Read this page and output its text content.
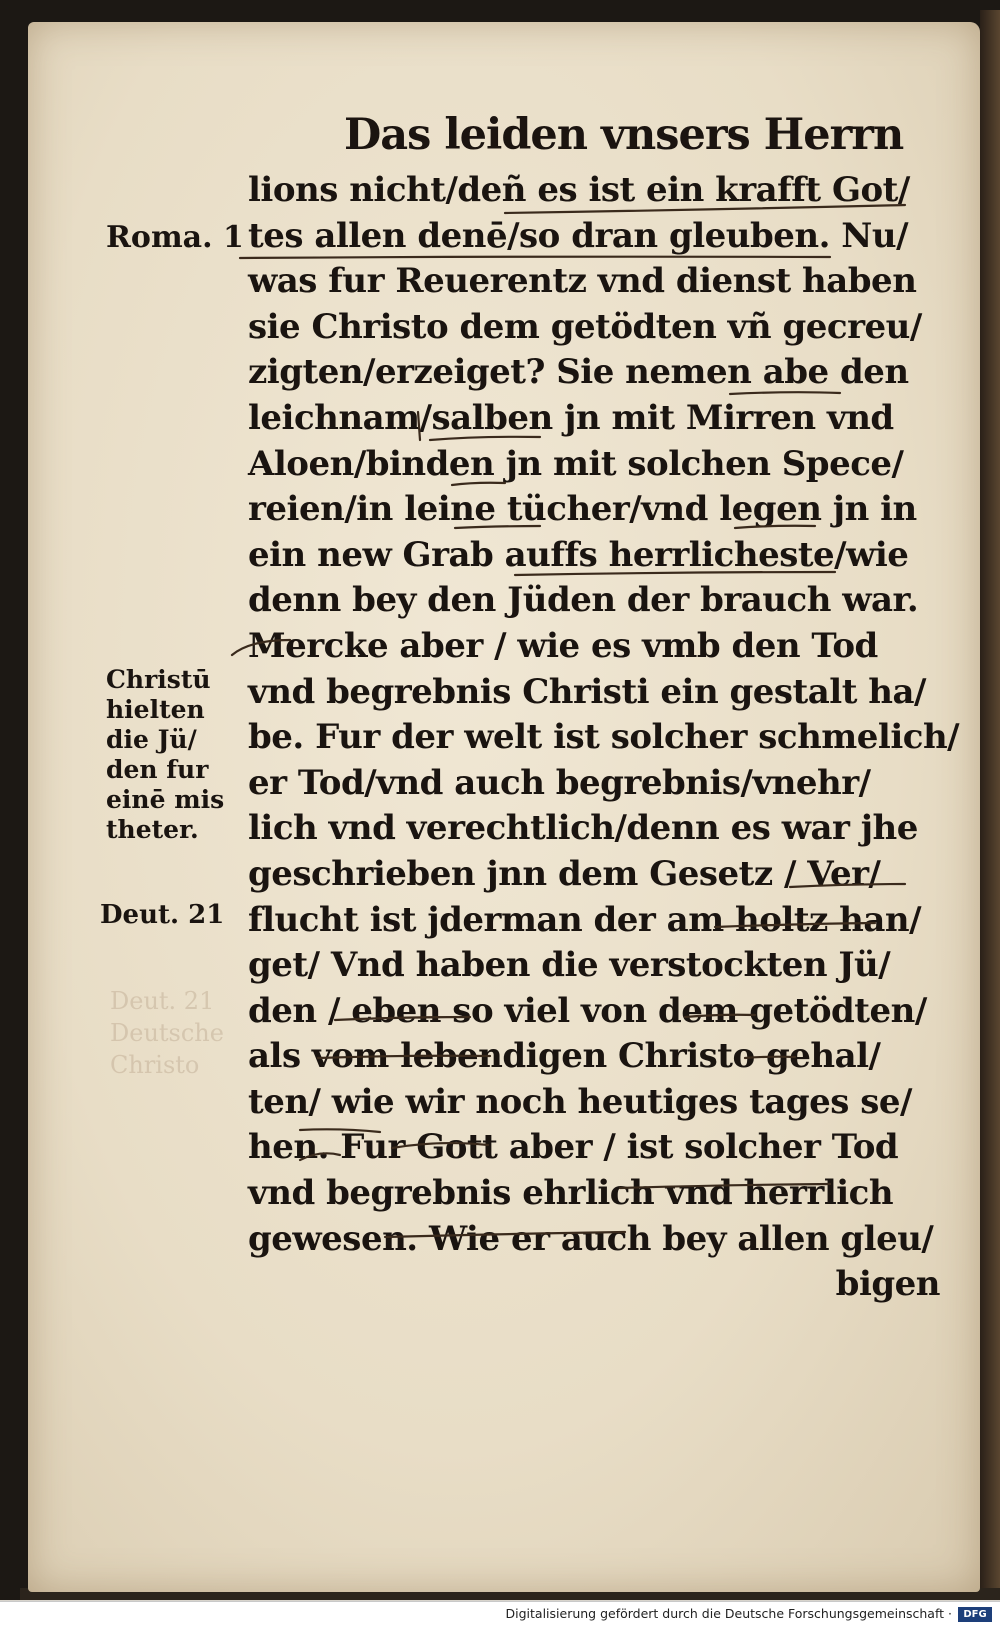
Das leiden vnsers Herrn
Roma. 1
Christū
hielten
die Jü/
den fur
einē mis
theter.
Deut. 21
lions nicht/deñ es ist ein krafft Got/
tes allen denē/so dran gleuben. Nu/
was fur Reuerentz vnd dienst haben
sie Christo dem getödten vñ gecreu/
zigten/erzeiget? Sie nemen abe den
leichnam/salben jn mit Mirren vnd
Aloen/binden jn mit solchen Spece/
reien/in leine tücher/vnd legen jn in
ein new Grab auffs herrlicheste/wie
denn bey den Jüden der brauch war.
Mercke aber / wie es vmb den Tod
vnd begrebnis Christi ein gestalt ha/
be. Fur der welt ist solcher schmelich/
er Tod/vnd auch begrebnis/vnehr/
lich vnd verechtlich/denn es war jhe
geschrieben jnn dem Gesetz / Ver/
flucht ist jderman der am holtz han/
get/ Vnd haben die verstockten Jü/
den / eben so viel von dem getödten/
als vom lebendigen Christo gehal/
ten/ wie wir noch heutiges tages se/
hen. Fur Gott aber / ist solcher Tod
vnd begrebnis ehrlich vnd herrlich
gewesen. Wie er auch bey allen gleu/
bigen
Deut. 21
Deutsche
Christo
Digitalisierung gefördert durch die Deutsche Forschungsgemeinschaft ·	DFG
